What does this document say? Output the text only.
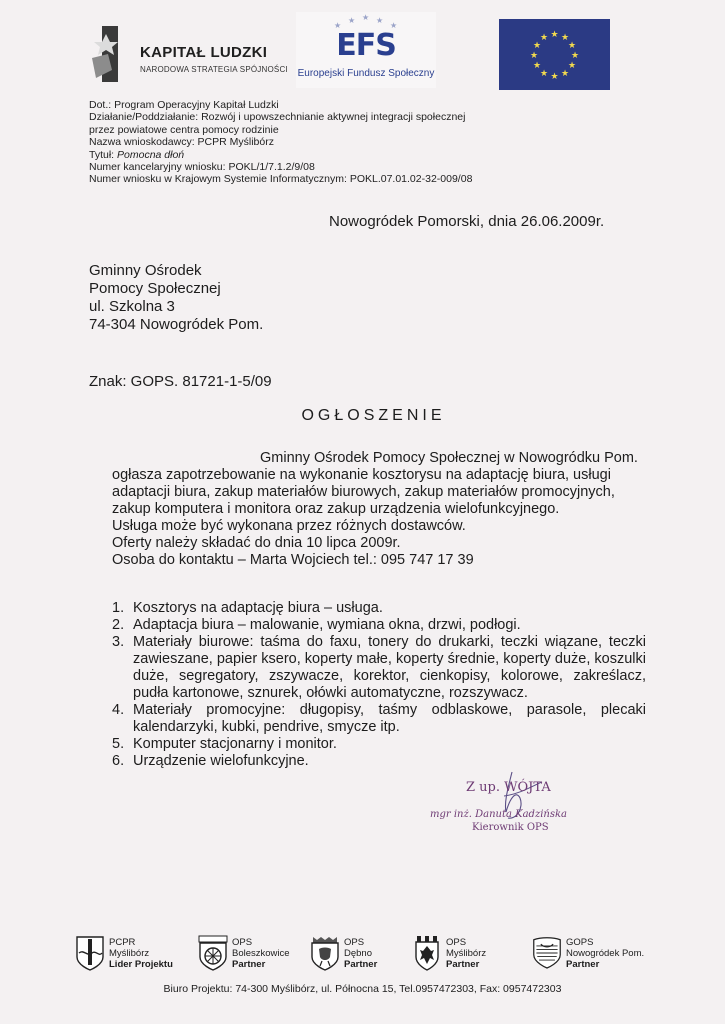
KAPITAŁ LUDZKI
NARODOWA STRATEGIA SPÓJNOŚCI
★
★ ★ ★
★
EFS
Europejski Fundusz Społeczny
★ ★
★
★
★
★
★
★
★
★
★
★
Dot.: Program Operacyjny Kapitał Ludzki
Działanie/Poddziałanie: Rozwój i upowszechnianie aktywnej integracji społecznej
przez powiatowe centra pomocy rodzinie
Nazwa wnioskodawcy: PCPR Myślibórz
Tytuł: Pomocna dłoń
Numer kancelaryjny wniosku: POKL/1/7.1.2/9/08
Numer wniosku w Krajowym Systemie Informatycznym: POKL.07.01.02-32-009/08
Nowogródek Pomorski, dnia 26.06.2009r.
Gminny Ośrodek
Pomocy Społecznej
ul. Szkolna 3
74-304 Nowogródek Pom.
Znak: GOPS. 81721-1-5/09
OGŁOSZENIE
Gminny Ośrodek Pomocy Społecznej w Nowogródku Pom.
ogłasza zapotrzebowanie na wykonanie kosztorysu na adaptację biura, usługi
adaptacji biura, zakup materiałów biurowych, zakup materiałów promocyjnych,
zakup komputera i monitora oraz zakup urządzenia wielofunkcyjnego.
Usługa może być wykonana przez różnych dostawców.
Oferty należy składać do dnia 10 lipca 2009r.
Osoba do kontaktu – Marta Wojciech tel.: 095 747 17 39
1. Kosztorys na adaptację biura – usługa.
2. Adaptacja biura – malowanie, wymiana okna, drzwi, podłogi.
3. Materiały biurowe: taśma do faxu, tonery do drukarki, teczki wiązane, teczki zawieszane, papier ksero, koperty małe, koperty średnie, koperty duże, koszulki duże, segregatory, zszywacze, korektor, cienkopisy, kolorowe, zakreślacz, pudła kartonowe, sznurek, ołówki automatyczne, rozszywacz.
4. Materiały promocyjne: długopisy, taśmy odblaskowe, parasole, plecaki kalendarzyki, kubki, pendrive, smycze itp.
5. Komputer stacjonarny i monitor.
6. Urządzenie wielofunkcyjne.
Z up. WÓJTA
mgr inż. Danuta Kadzińska
Kierownik OPS
PCPR
Myślibórz
Lider Projektu
OPS
Boleszkowice
Partner
OPS
Dębno
Partner
OPS
Myślibórz
Partner
GOPS
Nowogródek Pom.
Partner
Biuro Projektu: 74-300 Myślibórz, ul. Północna 15, Tel.0957472303, Fax: 0957472303
